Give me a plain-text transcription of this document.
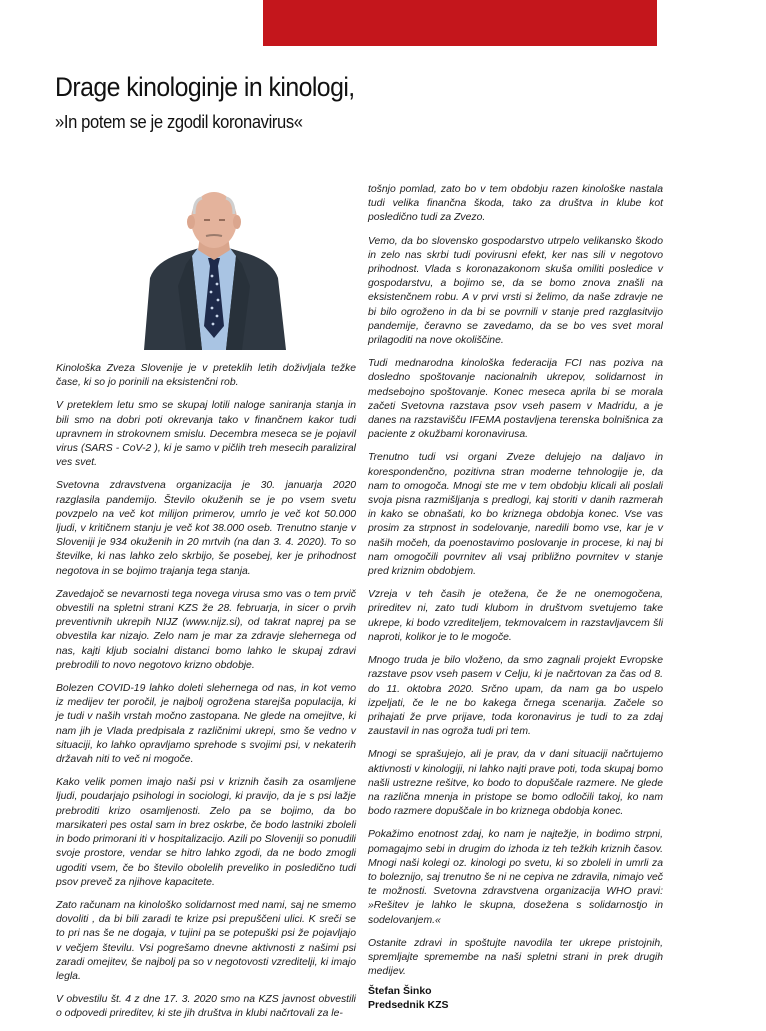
Drage kinologinje in kinologi,
»In potem se je zgodil koronavirus«

Kinološka Zveza Slovenije je v preteklih letih doživljala težke čase, ki so jo porinili na eksistenčni rob.

V preteklem letu smo se skupaj lotili naloge saniranja stanja in bili smo na dobri poti okrevanja tako v finančnem kakor tudi upravnem in strokovnem smislu. Decembra meseca se je pojavil virus (SARS - CoV-2 ), ki je samo v pičlih treh mesecih paraliziral ves svet.

Svetovna zdravstvena organizacija je 30. januarja 2020 razglasila pandemijo. Število okuženih se je po vsem svetu povzpelo na več kot milijon primerov, umrlo je več kot 50.000 ljudi, v kritičnem stanju je več kot 38.000 oseb. Trenutno stanje v Sloveniji je 934 okuženih in 20 mrtvih (na dan 3. 4. 2020). To so številke, ki nas lahko zelo skrbijo, še posebej, ker je prihodnost negotova in se bojimo trajanja tega stanja.

Zavedajoč se nevarnosti tega novega virusa smo vas o tem prvič obvestili na spletni strani KZS že 28. februarja, in sicer o prvih preventivnih ukrepih NIJZ (www.nijz.si), od takrat naprej pa se obvestila kar nizajo. Zelo nam je mar za zdravje slehernega od nas, kajti kljub socialni distanci bomo lahko le skupaj zdravi prebrodili to novo negotovo krizno obdobje.

Bolezen COVID-19 lahko doleti slehernega od nas, in kot vemo iz medijev ter poročil, je najbolj ogrožena starejša populacija, ki je tudi v naših vrstah močno zastopana. Ne glede na omejitve, ki nam jih je Vlada predpisala z različnimi ukrepi, smo še vedno v situaciji, ko lahko opravljamo sprehode s svojimi psi, v nekaterih državah niti to več ni mogoče.

Kako velik pomen imajo naši psi v kriznih časih za osamljene ljudi, poudarjajo psihologi in sociologi, ki pravijo, da je s psi lažje prebroditi krizo osamljenosti. Zelo pa se bojimo, da bo marsikateri pes ostal sam in brez oskrbe, če bodo lastniki zboleli in bodo primorani iti v hospitalizacijo. Azili po Sloveniji so ponudili svoje prostore, vendar se hitro lahko zgodi, da ne bodo zmogli ugoditi vsem, če bo število obolelih preveliko in posledično tudi psov preveč za njihove kapacitete.

Zato računam na kinološko solidarnost med nami, saj ne smemo dovoliti , da bi bili zaradi te krize psi prepuščeni ulici. K sreči se to pri nas še ne dogaja, v tujini pa se potepuški psi že pojavljajo v večjem številu. Vsi pogrešamo dnevne aktivnosti z našimi psi zaradi omejitev, še najbolj pa so v negotovosti vzreditelji, ki imajo legla.

V obvestilu št. 4 z dne 17. 3. 2020 smo na KZS javnost obvestili o odpovedi prireditev, ki ste jih društva in klubi načrtovali za le-

tošnjo pomlad, zato bo v tem obdobju razen kinološke nastala tudi velika finančna škoda, tako za društva in klube kot posledično tudi za Zvezo.

Vemo, da bo slovensko gospodarstvo utrpelo velikansko škodo in zelo nas skrbi tudi povirusni efekt, ker nas sili v negotovo prihodnost. Vlada s koronazakonom skuša omiliti posledice v gospodarstvu, a bojimo se, da se bomo znova znašli na eksistenčnem robu. A v prvi vrsti si želimo, da naše zdravje ne bi bilo ogroženo in da bi se povrnili v stanje pred razglasitvijo pandemije, čeravno se zavedamo, da se bo ves svet moral prilagoditi na nove okoliščine.

Tudi mednarodna kinološka federacija FCI nas poziva na dosledno spoštovanje nacionalnih ukrepov, solidarnost in medsebojno spoštovanje. Konec meseca aprila bi se morala začeti Svetovna razstava psov vseh pasem v Madridu, a je danes na razstavišču IFEMA postavljena terenska bolnišnica za paciente z okužbami koronavirusa.

Trenutno tudi vsi organi Zveze delujejo na daljavo in korespondenčno, pozitivna stran moderne tehnologije je, da nam to omogoča. Mnogi ste me v tem obdobju klicali ali poslali svoja pisna razmišljanja s predlogi, kaj storiti v danih razmerah in kako se obnašati, ko bo kriznega obdobja konec. Vse vas prosim za strpnost in sodelovanje, naredili bomo vse, kar je v naših močeh, da poenostavimo poslovanje in procese, ki naj bi nam omogočili povrnitev ali vsaj približno povrnitev v stanje pred kriznim obdobjem.

Vzreja v teh časih je otežena, če že ne onemogočena, prireditev ni, zato tudi klubom in društvom svetujemo take ukrepe, ki bodo vzrediteljem, tekmovalcem in razstavljavcem šli naproti, kolikor je to le mogoče.

Mnogo truda je bilo vloženo, da smo zagnali projekt Evropske razstave psov vseh pasem v Celju, ki je načrtovan za čas od 8. do 11. oktobra 2020. Srčno upam, da nam ga bo uspelo izpeljati, če le ne bo kakega črnega scenarija. Začele so prihajati že prve prijave, toda koronavirus je tudi to za zdaj zaustavil in nas ogroža tudi pri tem.

Mnogi se sprašujejo, ali je prav, da v dani situaciji načrtujemo aktivnosti v kinologiji, ni lahko najti prave poti, toda skupaj bomo našli ustrezne rešitve, ko bodo to dopuščale razmere. Ne glede na različna mnenja in pristope se bomo odločili takoj, ko nam bodo razmere dopuščale in bo kriznega obdobja konec.

Pokažimo enotnost zdaj, ko nam je najtežje, in bodimo strpni, pomagajmo sebi in drugim do izhoda iz teh težkih kriznih časov. Mnogi naši kolegi oz. kinologi po svetu, ki so zboleli in umrli za to boleznijo, saj trenutno še ni ne cepiva ne zdravila, nimajo več te možnosti. Svetovna zdravstvena organizacija WHO pravi: »Rešitev je lahko le skupna, dosežena s solidarnostjo in sodelovanjem.«

Ostanite zdravi in spoštujte navodila ter ukrepe pristojnih, spremljajte spremembe na naši spletni strani in prek drugih medijev.

Štefan Šinko
Predsednik KZS
